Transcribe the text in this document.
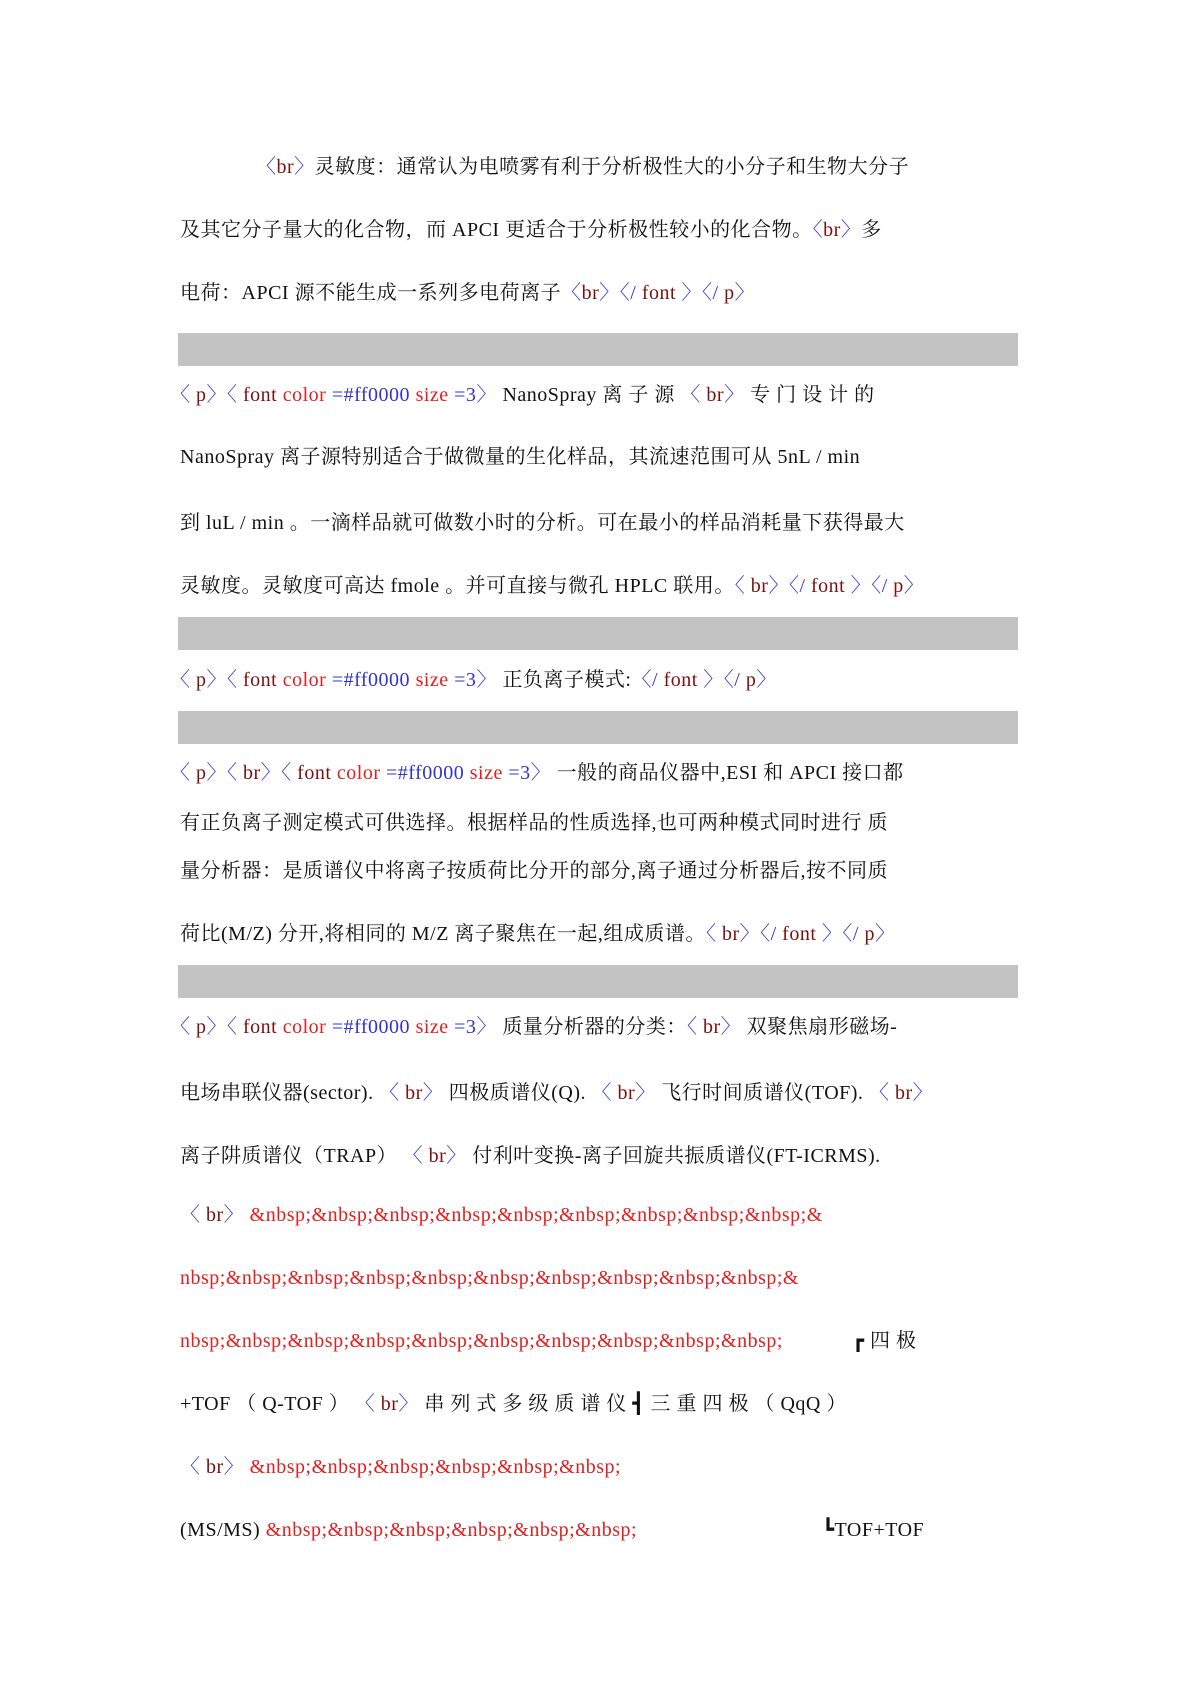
〈br〉灵敏度：通常认为电喷雾有利于分析极性大的小分子和生物大分子
及其它分子量大的化合物，而 APCI 更适合于分析极性较小的化合物。〈br〉多
电荷：APCI 源不能生成一系列多电荷离子〈br〉〈/ font 〉〈/ p〉
〈 p〉〈 font color =#ff0000 size =3〉 NanoSpray 离 子 源 〈 br〉 专 门 设 计 的
NanoSpray 离子源特别适合于做微量的生化样品，其流速范围可从 5nL / min
到 luL / min 。一滴样品就可做数小时的分析。可在最小的样品消耗量下获得最大
灵敏度。灵敏度可高达 fmole 。并可直接与微孔 HPLC 联用。〈 br〉〈/ font 〉〈/ p〉
〈 p〉〈 font color =#ff0000 size =3〉 正负离子模式:〈/ font 〉〈/ p〉
〈 p〉〈 br〉〈 font color =#ff0000 size =3〉 一般的商品仪器中,ESI 和 APCI 接口都
有正负离子测定模式可供选择。根据样品的性质选择,也可两种模式同时进行 质
量分析器：是质谱仪中将离子按质荷比分开的部分,离子通过分析器后,按不同质
荷比(M/Z) 分开,将相同的 M/Z 离子聚焦在一起,组成质谱。〈 br〉〈/ font 〉〈/ p〉
〈 p〉〈 font color =#ff0000 size =3〉 质量分析器的分类：〈 br〉 双聚焦扇形磁场-
电场串联仪器(sector). 〈 br〉 四极质谱仪(Q). 〈 br〉 飞行时间质谱仪(TOF). 〈 br〉
离子阱质谱仪（TRAP） 〈 br〉 付利叶变换-离子回旋共振质谱仪(FT-ICRMS).
〈 br〉 &nbsp;&nbsp;&nbsp;&nbsp;&nbsp;&nbsp;&nbsp;&nbsp;&nbsp;&
nbsp;&nbsp;&nbsp;&nbsp;&nbsp;&nbsp;&nbsp;&nbsp;&nbsp;&nbsp;&
nbsp;&nbsp;&nbsp;&nbsp;&nbsp;&nbsp;&nbsp;&nbsp;&nbsp;&nbsp;	┏ 四 极
+TOF （ Q-TOF ） 〈 br〉 串 列 式 多 级 质 谱 仪 ┫ 三 重 四 极 （ QqQ ）
〈 br〉 &nbsp;&nbsp;&nbsp;&nbsp;&nbsp;&nbsp;
(MS/MS) &nbsp;&nbsp;&nbsp;&nbsp;&nbsp;&nbsp;	┗TOF+TOF
